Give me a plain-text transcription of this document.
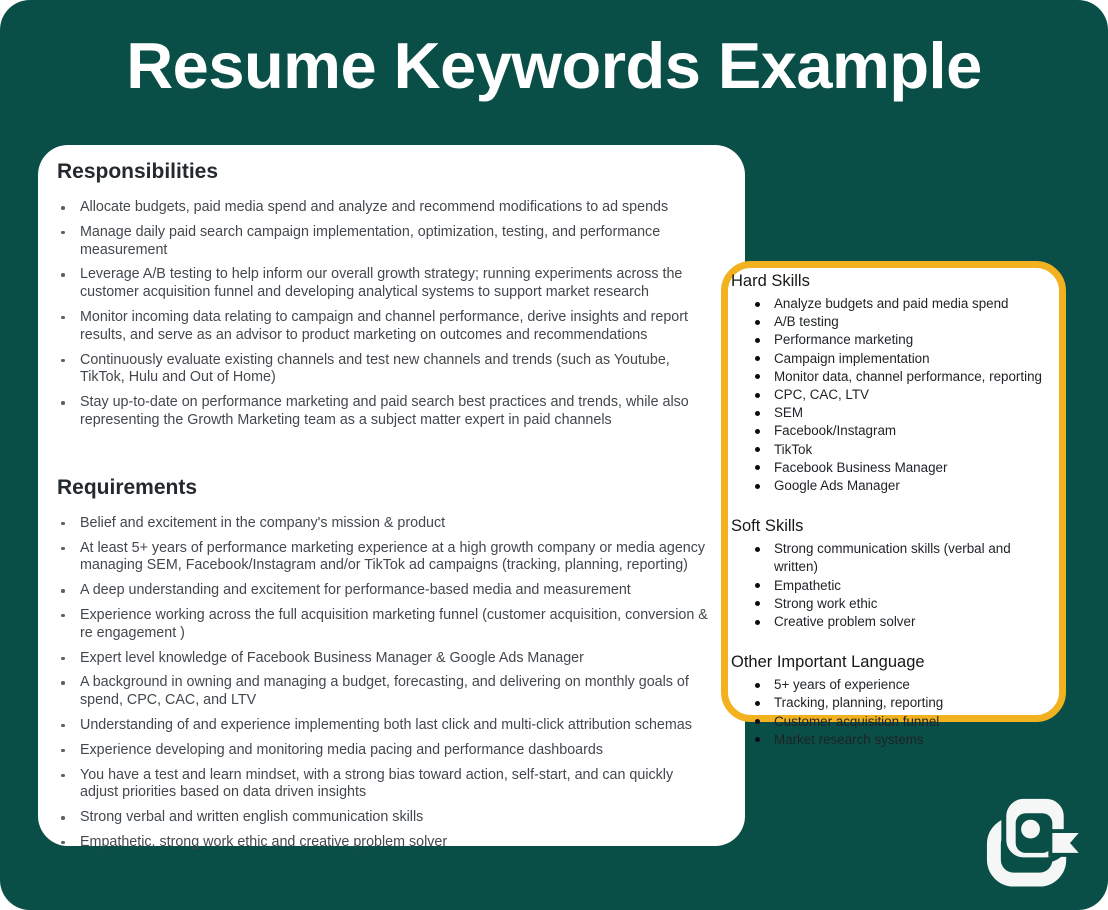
Resume Keywords Example
Responsibilities
Allocate budgets, paid media spend and analyze and recommend modifications to ad spends
Manage daily paid search campaign implementation, optimization, testing, and performance measurement
Leverage A/B testing to help inform our overall growth strategy; running experiments across the customer acquisition funnel and developing analytical systems to support market research
Monitor incoming data relating to campaign and channel performance, derive insights and report results, and serve as an advisor to product marketing on outcomes and recommendations
Continuously evaluate existing channels and test new channels and trends (such as Youtube, TikTok, Hulu and Out of Home)
Stay up-to-date on performance marketing and paid search best practices and trends, while also representing the Growth Marketing team as a subject matter expert in paid channels
Requirements
Belief and excitement in the company's mission & product
At least 5+ years of performance marketing experience at a high growth company or media agency managing SEM, Facebook/Instagram and/or TikTok ad campaigns (tracking, planning, reporting)
A deep understanding and excitement for performance-based media and measurement
Experience working across the full acquisition marketing funnel (customer acquisition, conversion & re engagement )
Expert level knowledge of Facebook Business Manager & Google Ads Manager
A background in owning and managing a budget, forecasting, and delivering on monthly goals of spend, CPC, CAC, and LTV
Understanding of and experience implementing both last click and multi-click attribution schemas
Experience developing and monitoring media pacing and performance dashboards
You have a test and learn mindset, with a strong bias toward action, self-start, and can quickly adjust priorities based on data driven insights
Strong verbal and written english communication skills
Empathetic, strong work ethic and creative problem solver
Hard Skills
Analyze budgets and paid media spend
A/B testing
Performance marketing
Campaign implementation
Monitor data, channel performance, reporting
CPC, CAC, LTV
SEM
Facebook/Instagram
TikTok
Facebook Business Manager
Google Ads Manager
Soft Skills
Strong communication skills (verbal and written)
Empathetic
Strong work ethic
Creative problem solver
Other Important Language
5+ years of experience
Tracking, planning, reporting
Customer acquisition funnel
Market research systems
